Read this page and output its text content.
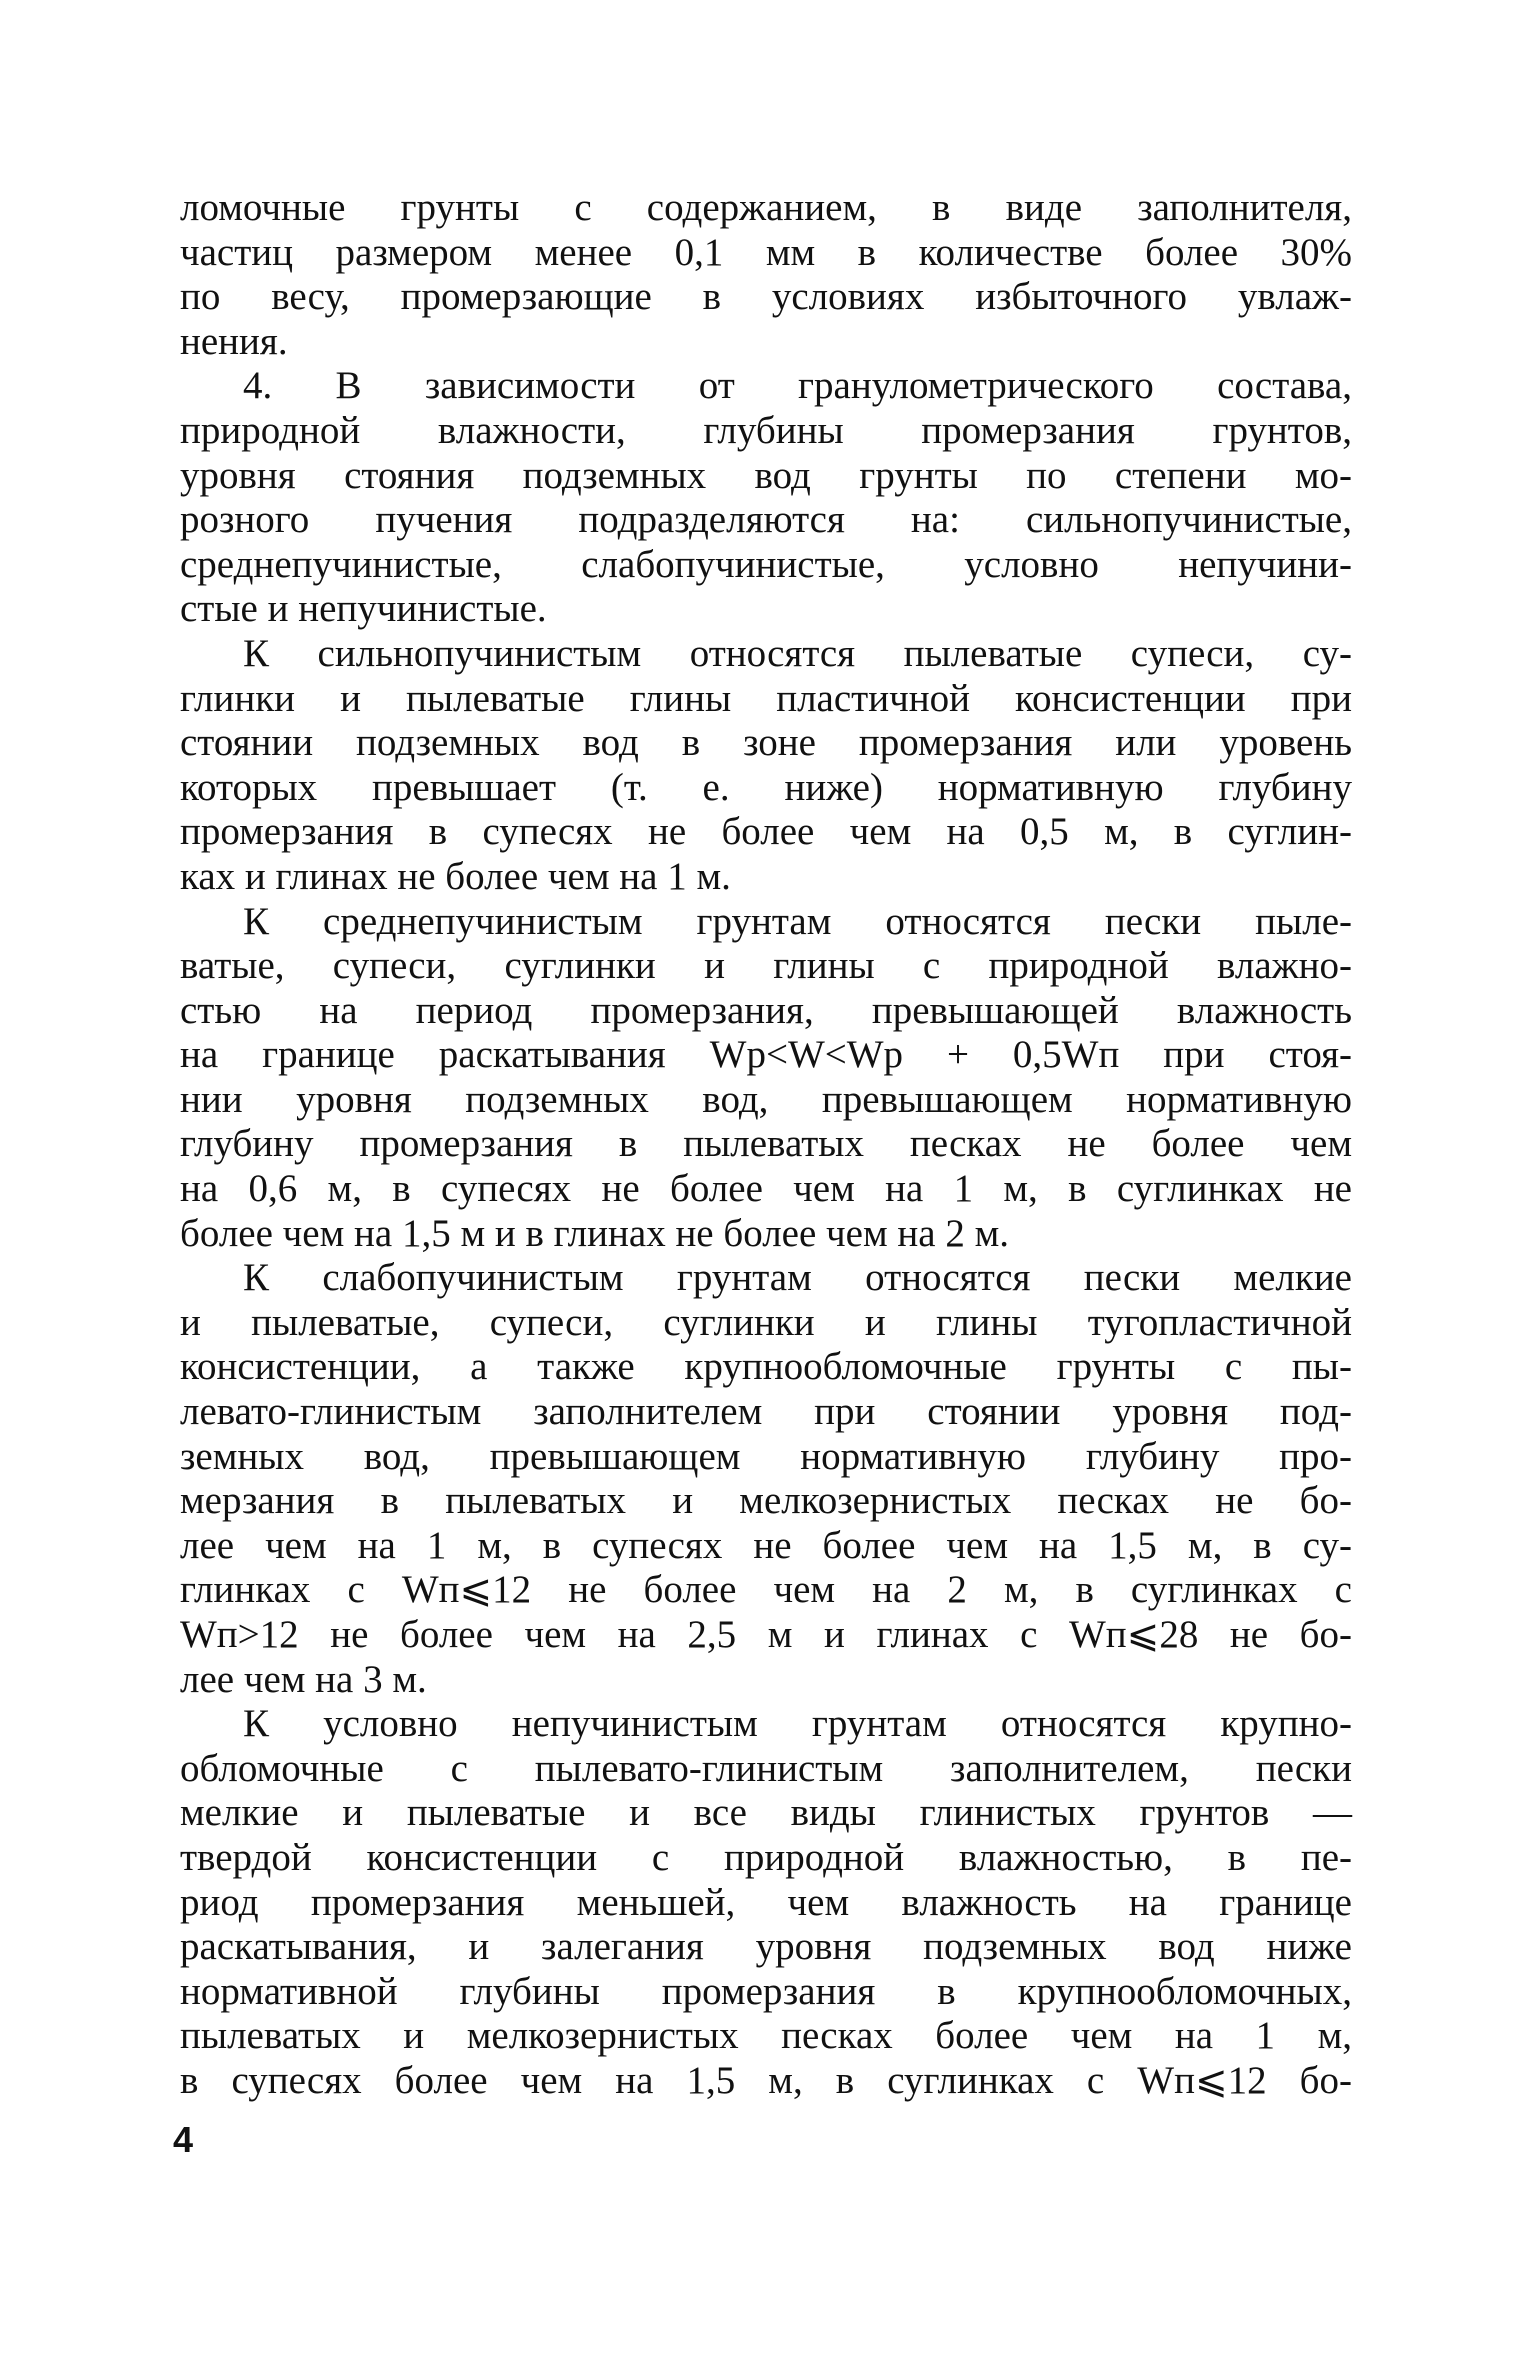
ломочные грунты с содержанием, в виде заполнителя,
частиц размером менее 0,1 мм в количестве более 30%
по весу, промерзающие в условиях избыточного увлаж-
нения.
4. В зависимости от гранулометрического состава,
природной влажности, глубины промерзания грунтов,
уровня стояния подземных вод грунты по степени мо-
розного пучения подразделяются на: сильнопучинистые,
среднепучинистые, слабопучинистые, условно непучини-
стые и непучинистые.
К сильнопучинистым относятся пылеватые супеси, су-
глинки и пылеватые глины пластичной консистенции при
стоянии подземных вод в зоне промерзания или уровень
которых превышает (т. е. ниже) нормативную глубину
промерзания в супесях не более чем на 0,5 м, в суглин-
ках и глинах не более чем на 1 м.
К среднепучинистым грунтам относятся пески пыле-
ватые, супеси, суглинки и глины с природной влажно-
стью на период промерзания, превышающей влажность
на границе раскатывания Wр<W<Wр + 0,5Wп при стоя-
нии уровня подземных вод, превышающем нормативную
глубину промерзания в пылеватых песках не более чем
на 0,6 м, в супесях не более чем на 1 м, в суглинках не
более чем на 1,5 м и в глинах не более чем на 2 м.
К слабопучинистым грунтам относятся пески мелкие
и пылеватые, супеси, суглинки и глины тугопластичной
консистенции, а также крупнообломочные грунты с пы-
левато-глинистым заполнителем при стоянии уровня под-
земных вод, превышающем нормативную глубину про-
мерзания в пылеватых и мелкозернистых песках не бо-
лее чем на 1 м, в супесях не более чем на 1,5 м, в су-
глинках с Wп⩽12 не более чем на 2 м, в суглинках с
Wп>12 не более чем на 2,5 м и глинах с Wп⩽28 не бо-
лее чем на 3 м.
К условно непучинистым грунтам относятся крупно-
обломочные с пылевато-глинистым заполнителем, пески
мелкие и пылеватые и все виды глинистых грунтов —
твердой консистенции с природной влажностью, в пе-
риод промерзания меньшей, чем влажность на границе
раскатывания, и залегания уровня подземных вод ниже
нормативной глубины промерзания в крупнообломочных,
пылеватых и мелкозернистых песках более чем на 1 м,
в супесях более чем на 1,5 м, в суглинках с Wп⩽12 бо-
4
